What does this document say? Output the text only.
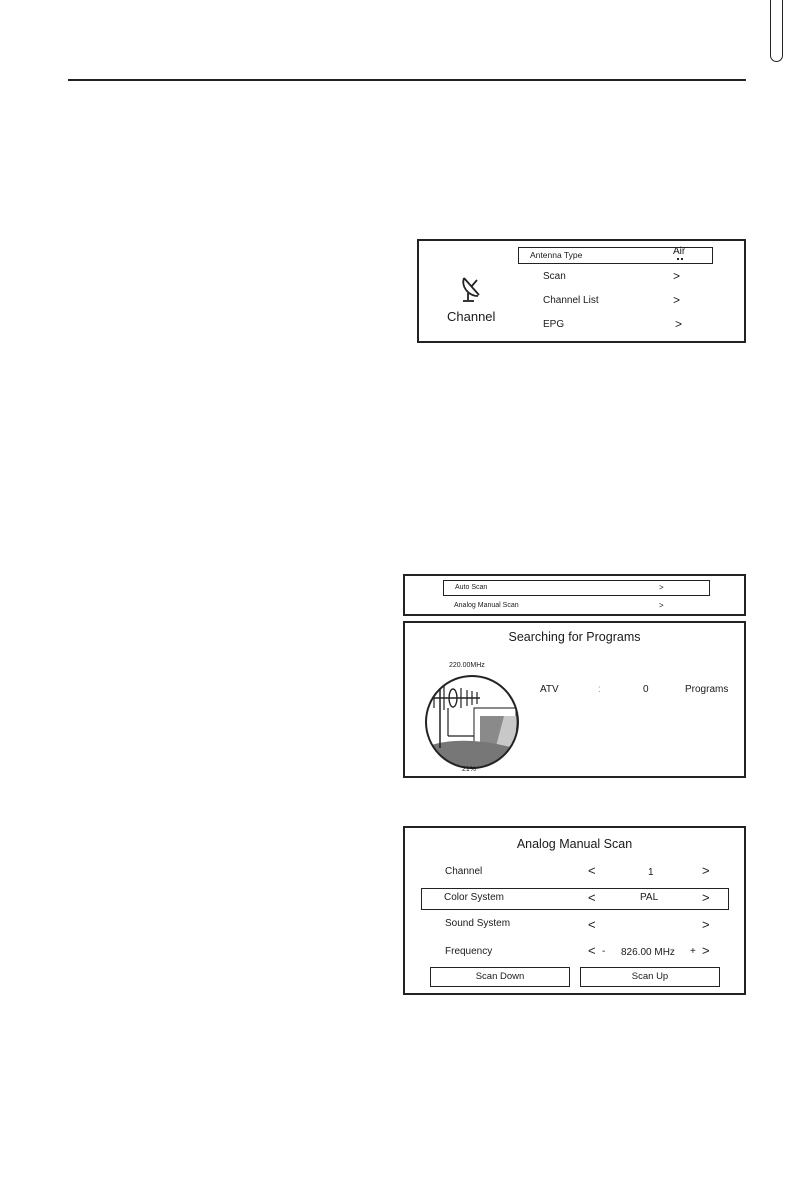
Channel
Antenna Type	Air
Scan	>
Channel List	>
EPG	>
Auto Scan	>
Analog Manual Scan	>
Searching for Programs
220.00MHz
21%
ATV	:	0	Programs
Analog Manual Scan
Channel	<	1	>
Color System	<	PAL	>
Sound System	<	>
Frequency	< - 826.00 MHz + >
Scan Down	Scan Up
